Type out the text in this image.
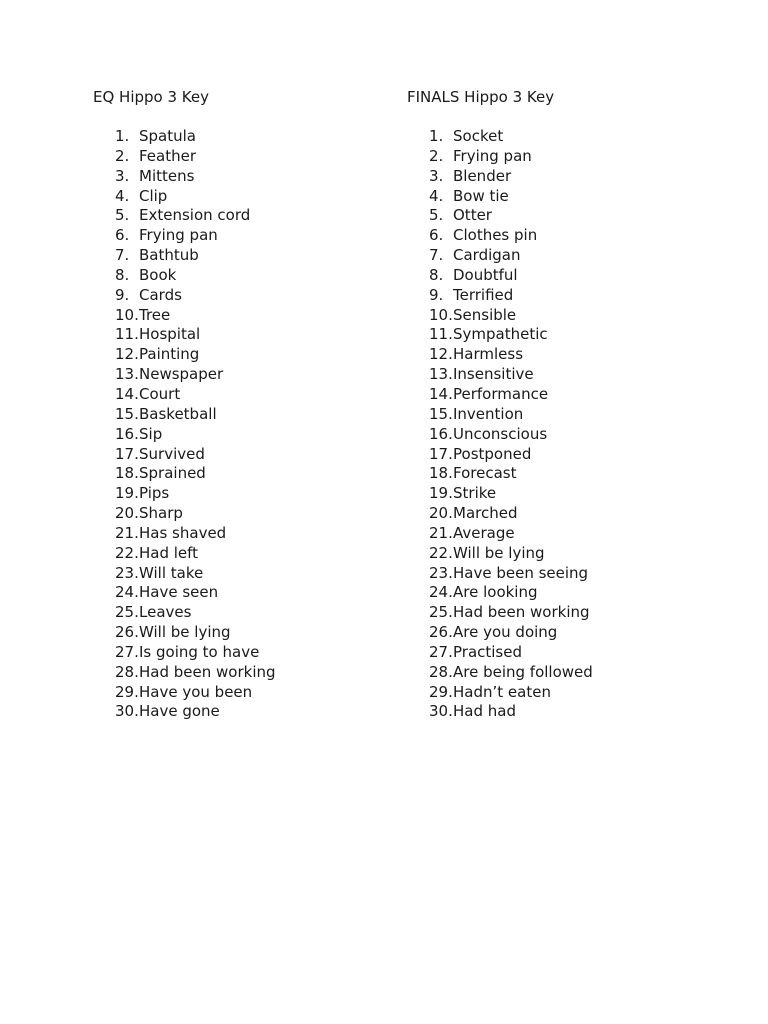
EQ Hippo 3 Key
1. Spatula
2. Feather
3. Mittens
4. Clip
5. Extension cord
6. Frying pan
7. Bathtub
8. Book
9. Cards
10. Tree
11. Hospital
12. Painting
13. Newspaper
14. Court
15. Basketball
16. Sip
17. Survived
18. Sprained
19. Pips
20. Sharp
21. Has shaved
22. Had left
23. Will take
24. Have seen
25. Leaves
26. Will be lying
27. Is going to have
28. Had been working
29. Have you been
30. Have gone
FINALS Hippo 3 Key
1. Socket
2. Frying pan
3. Blender
4. Bow tie
5. Otter
6. Clothes pin
7. Cardigan
8. Doubtful
9. Terrified
10. Sensible
11. Sympathetic
12. Harmless
13. Insensitive
14. Performance
15. Invention
16. Unconscious
17. Postponed
18. Forecast
19. Strike
20. Marched
21. Average
22. Will be lying
23. Have been seeing
24. Are looking
25. Had been working
26. Are you doing
27. Practised
28. Are being followed
29. Hadn’t eaten
30. Had had
